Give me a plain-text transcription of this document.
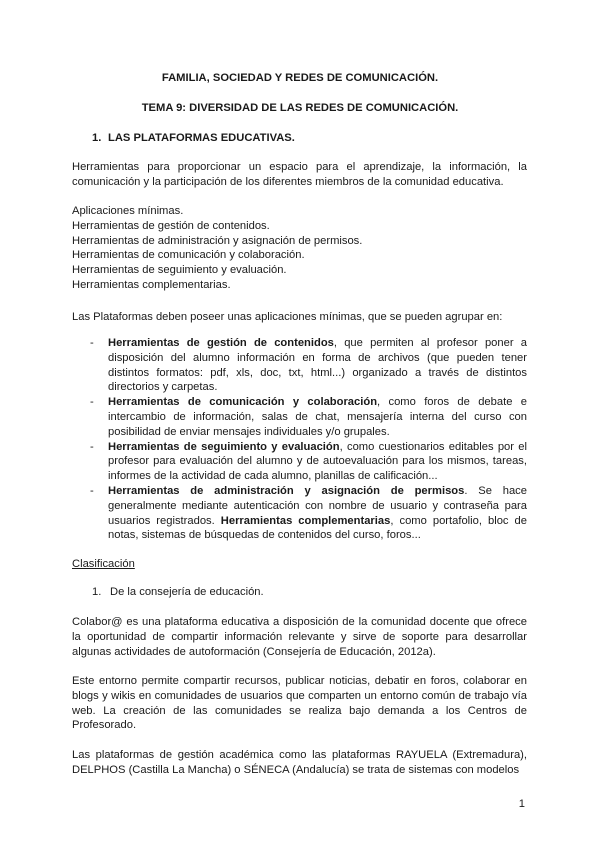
FAMILIA, SOCIEDAD Y REDES DE COMUNICACIÓN.

TEMA 9: DIVERSIDAD DE LAS REDES DE COMUNICACIÓN.

1. LAS PLATAFORMAS EDUCATIVAS.

Herramientas para proporcionar un espacio para el aprendizaje, la información, la comunicación y la participación de los diferentes miembros de la comunidad educativa.

Aplicaciones mínimas.
Herramientas de gestión de contenidos.
Herramientas de administración y asignación de permisos.
Herramientas de comunicación y colaboración.
Herramientas de seguimiento y evaluación.
Herramientas complementarias.

Las Plataformas deben poseer unas aplicaciones mínimas, que se pueden agrupar en:

-	Herramientas de gestión de contenidos, que permiten al profesor poner a disposición del alumno información en forma de archivos (que pueden tener distintos formatos: pdf, xls, doc, txt, html...) organizado a través de distintos directorios y carpetas.

-	Herramientas de comunicación y colaboración, como foros de debate e intercambio de información, salas de chat, mensajería interna del curso con posibilidad de enviar mensajes individuales y/o grupales.

-	Herramientas de seguimiento y evaluación, como cuestionarios editables por el profesor para evaluación del alumno y de autoevaluación para los mismos, tareas, informes de la actividad de cada alumno, planillas de calificación...

-	Herramientas de administración y asignación de permisos. Se hace generalmente mediante autenticación con nombre de usuario y contraseña para usuarios registrados. Herramientas complementarias, como portafolio, bloc de notas, sistemas de búsquedas de contenidos del curso, foros...

Clasificación

1. De la consejería de educación.

Colabor@ es una plataforma educativa a disposición de la comunidad docente que ofrece la oportunidad de compartir información relevante y sirve de soporte para desarrollar algunas actividades de autoformación (Consejería de Educación, 2012a).

Este entorno permite compartir recursos, publicar noticias, debatir en foros, colaborar en blogs y wikis en comunidades de usuarios que comparten un entorno común de trabajo vía web. La creación de las comunidades se realiza bajo demanda a los Centros de Profesorado.

Las plataformas de gestión académica como las plataformas RAYUELA (Extremadura), DELPHOS (Castilla La Mancha) o SÉNECA (Andalucía) se trata de sistemas con modelos

1
